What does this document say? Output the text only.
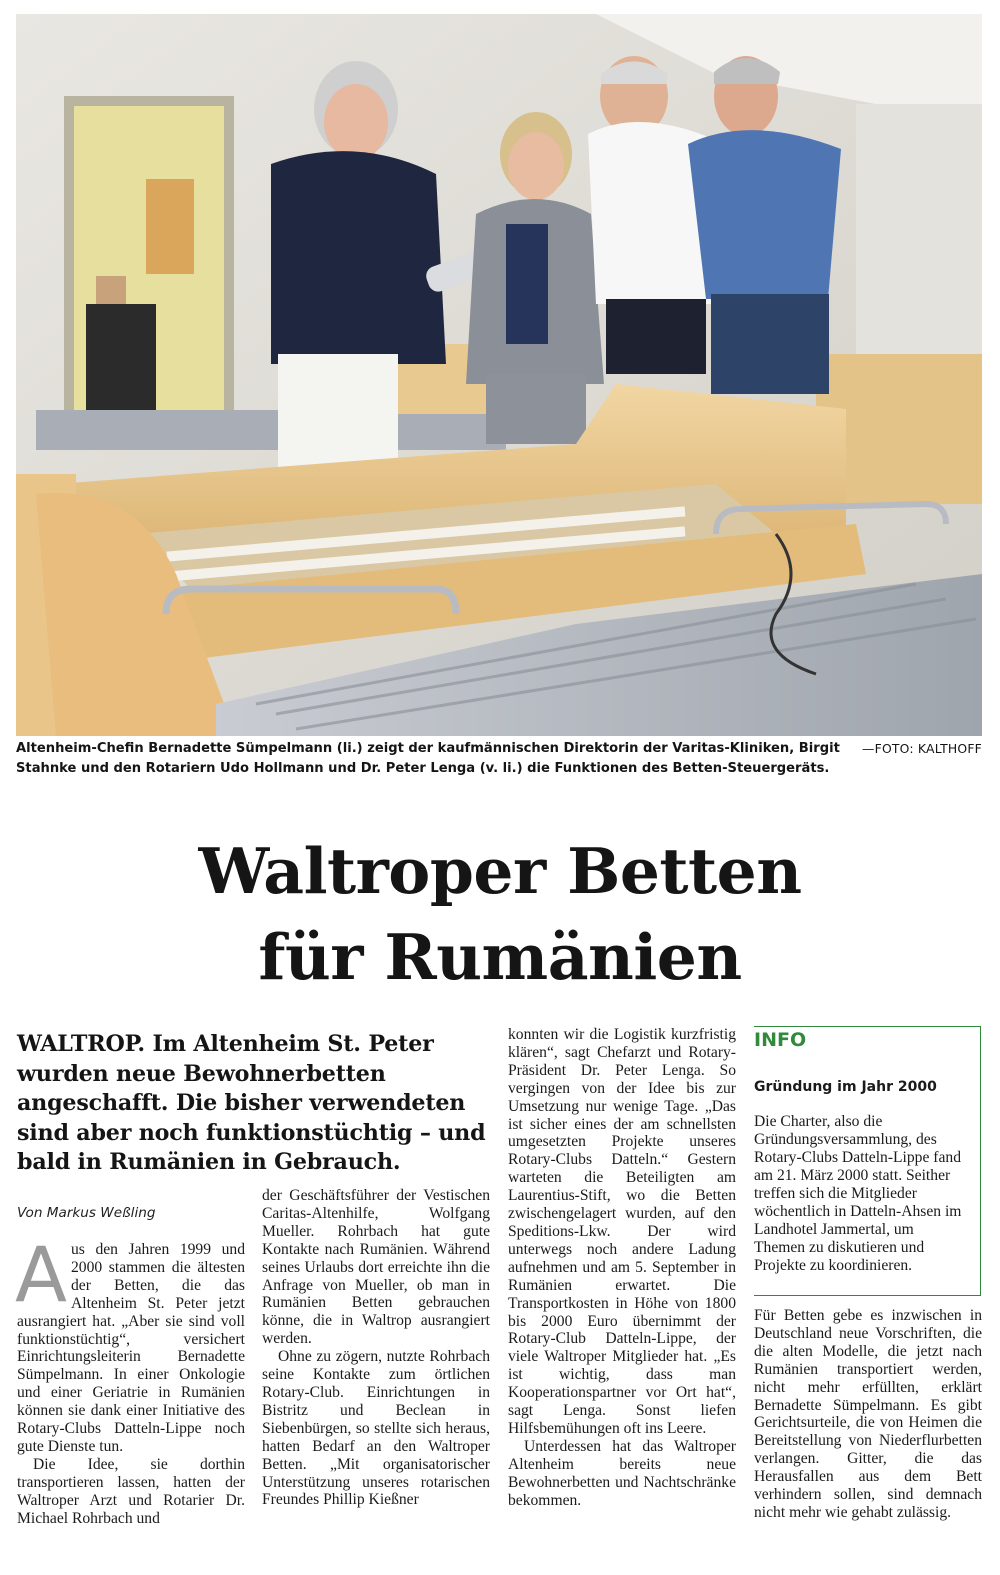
—FOTO: KALTHOFF
Altenheim-Chefin Bernadette Sümpelmann (li.) zeigt der kaufmännischen Direktorin der Varitas-Kliniken, Birgit Stahnke und den Rotariern Udo Hollmann und Dr. Peter Lenga (v. li.) die Funktionen des Betten-Steuergeräts.
Waltroper Betten
für Rumänien
WALTROP. Im Altenheim St. Peter wurden neue Bewohnerbetten angeschafft. Die bisher verwendeten sind aber noch funktionstüchtig – und bald in Rumänien in Gebrauch.
Von Markus Weßling

Aus den Jahren 1999 und 2000 stammen die ältesten der Betten, die das Altenheim St. Peter jetzt ausrangiert hat. „Aber sie sind voll funktionstüchtig“, versichert Einrichtungsleiterin Bernadette Sümpelmann. In einer Onkologie und einer Geriatrie in Rumänien können sie dank einer Initiative des Rotary-Clubs Datteln-Lippe noch gute Dienste tun.

Die Idee, sie dorthin transportieren lassen, hatten der Waltroper Arzt und Rotarier Dr. Michael Rohrbach und

der Geschäftsführer der Vestischen Caritas-Altenhilfe, Wolfgang Mueller. Rohrbach hat gute Kontakte nach Rumänien. Während seines Urlaubs dort erreichte ihn die Anfrage von Mueller, ob man in Rumänien Betten gebrauchen könne, die in Waltrop ausrangiert werden.

Ohne zu zögern, nutzte Rohrbach seine Kontakte zum örtlichen Rotary-Club. Einrichtungen in Bistritz und Beclean in Siebenbürgen, so stellte sich heraus, hatten Bedarf an den Waltroper Betten. „Mit organisatorischer Unterstützung unseres rotarischen Freundes Phillip Kießner

konnten wir die Logistik kurzfristig klären“, sagt Chefarzt und Rotary-Präsident Dr. Peter Lenga. So vergingen von der Idee bis zur Umsetzung nur wenige Tage. „Das ist sicher eines der am schnellsten umgesetzten Projekte unseres Rotary-Clubs Datteln.“ Gestern warteten die Beteiligten am Laurentius-Stift, wo die Betten zwischengelagert wurden, auf den Speditions-Lkw. Der wird unterwegs noch andere Ladung aufnehmen und am 5. September in Rumänien erwartet. Die Transportkosten in Höhe von 1800 bis 2000 Euro übernimmt der Rotary-Club Datteln-Lippe, der viele Waltroper Mitglieder hat. „Es ist wichtig, dass man Kooperationspartner vor Ort hat“, sagt Lenga. Sonst liefen Hilfsbemühungen oft ins Leere.

Unterdessen hat das Waltroper Altenheim bereits neue Bewohnerbetten und Nachtschränke bekommen.

INFO
Gründung im Jahr 2000

Die Charter, also die Gründungsversammlung, des Rotary-Clubs Datteln-Lippe fand am 21. März 2000 statt. Seither treffen sich die Mitglieder wöchentlich in Datteln-Ahsen im Landhotel Jammertal, um Themen zu diskutieren und Projekte zu koordinieren.

Für Betten gebe es inzwischen in Deutschland neue Vorschriften, die die alten Modelle, die jetzt nach Rumänien transportiert werden, nicht mehr erfüllten, erklärt Bernadette Sümpelmann. Es gibt Gerichtsurteile, die von Heimen die Bereitstellung von Niederflurbetten verlangen. Gitter, die das Herausfallen aus dem Bett verhindern sollen, sind demnach nicht mehr wie gehabt zulässig.
